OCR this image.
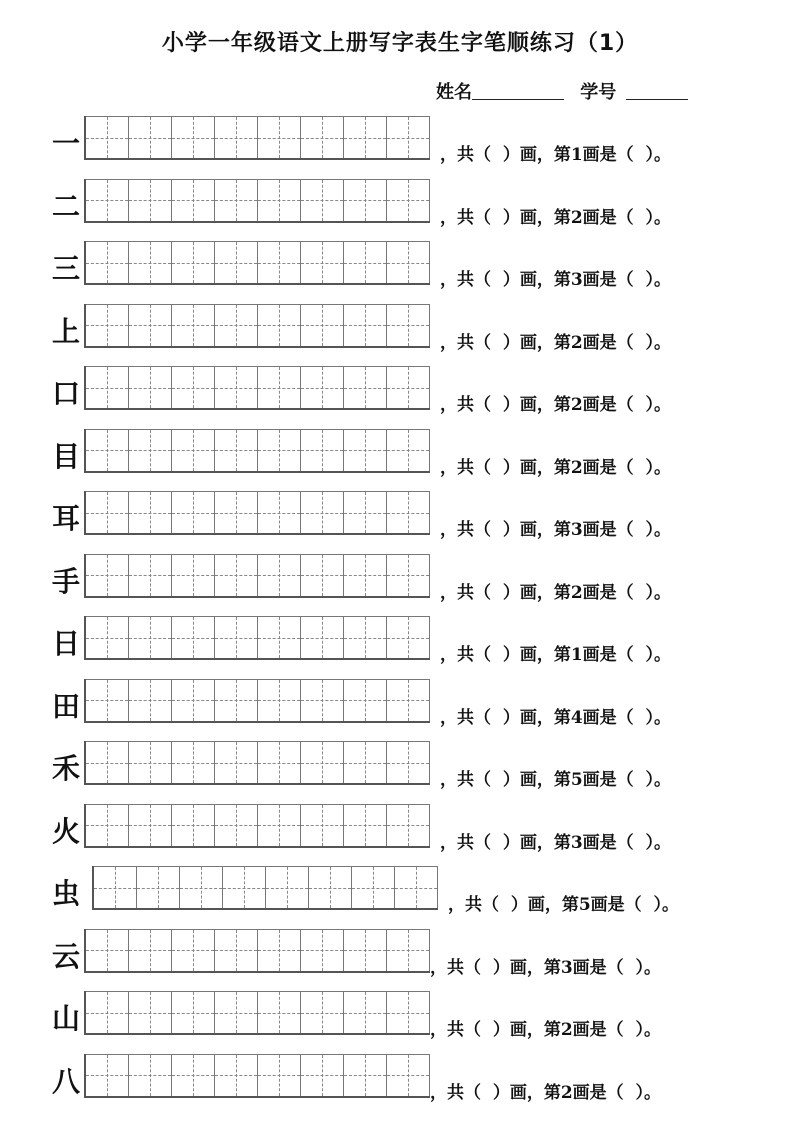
小学一年级语文上册写字表生字笔顺练习（1）
姓名	学号
一	，共（  ）画，第1画是（  ）。
二	，共（  ）画，第2画是（  ）。
三	，共（  ）画，第3画是（  ）。
上	，共（  ）画，第2画是（  ）。
口	，共（  ）画，第2画是（  ）。
目	，共（  ）画，第2画是（  ）。
耳	，共（  ）画，第3画是（  ）。
手	，共（  ）画，第2画是（  ）。
日	，共（  ）画，第1画是（  ）。
田	，共（  ）画，第4画是（  ）。
禾	，共（  ）画，第5画是（  ）。
火	，共（  ）画，第3画是（  ）。
虫	，共（  ）画，第5画是（  ）。
云	，共（  ）画，第3画是（  ）。
山	，共（  ）画，第2画是（  ）。
八	，共（  ）画，第2画是（  ）。
